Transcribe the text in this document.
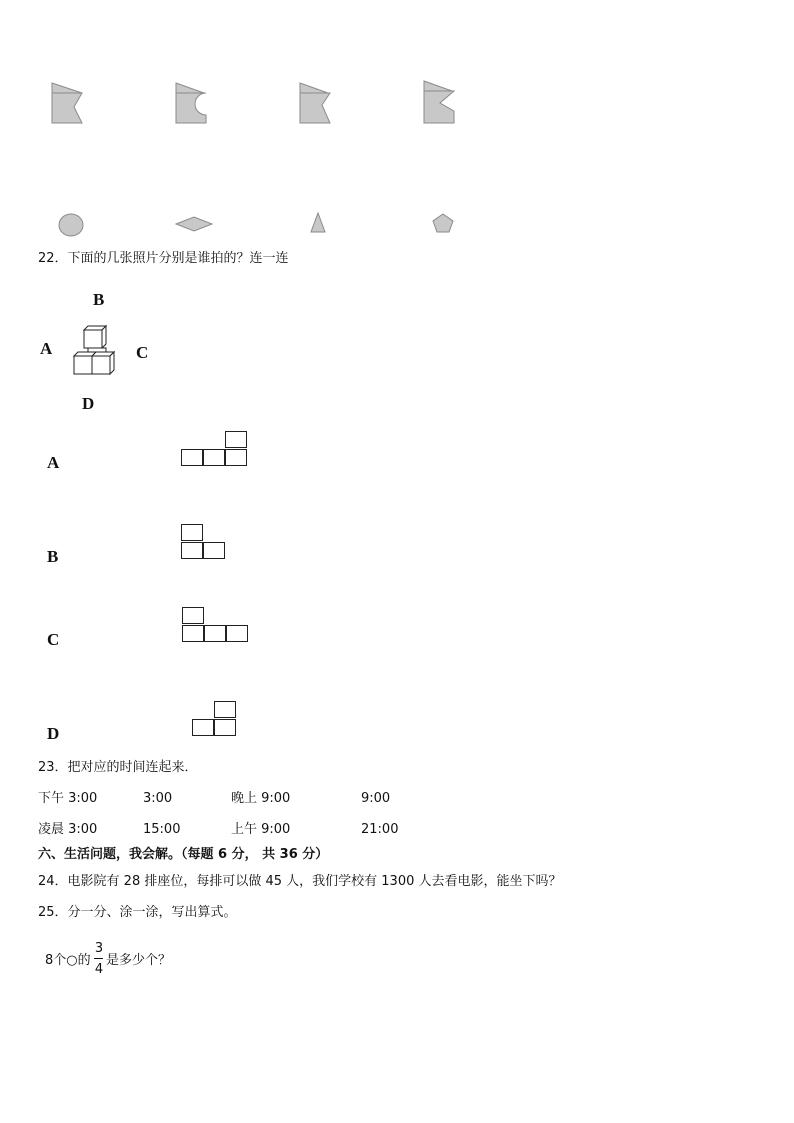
22．下面的几张照片分别是谁拍的？连一连
B
A	C
D
A
B
C
D
23．把对应的时间连起来．
下午 3:00	3:00	晚上 9:00	9:00
凌晨 3:00	15:00	上午 9:00	21:00
六、生活问题，我会解。（每题 6 分， 共 36 分）
24．电影院有 28 排座位，每排可以做 45 人，我们学校有 1300 人去看电影，能坐下吗？
25．分一分、涂一涂，写出算式。
8个○的
3
4
是多少个？
